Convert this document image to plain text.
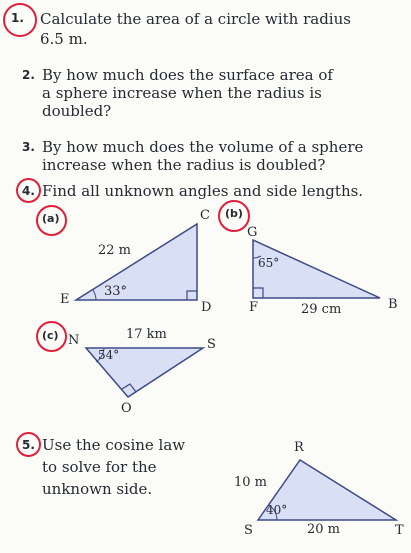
1. Calculate the area of a circle with radius
6.5 m.
2. By how much does the surface area of
a sphere increase when the radius is
doubled?
3. By how much does the volume of a sphere
increase when the radius is doubled?
4. Find all unknown angles and side lengths.
(a)	(b)
(c)
C
E
D
22 m
33°
G
F	B
65°
29 cm
N	S
O
17 km
54°
5. Use the cosine law
to solve for the
unknown side.
R
S	T
10 m
40°
20 m
